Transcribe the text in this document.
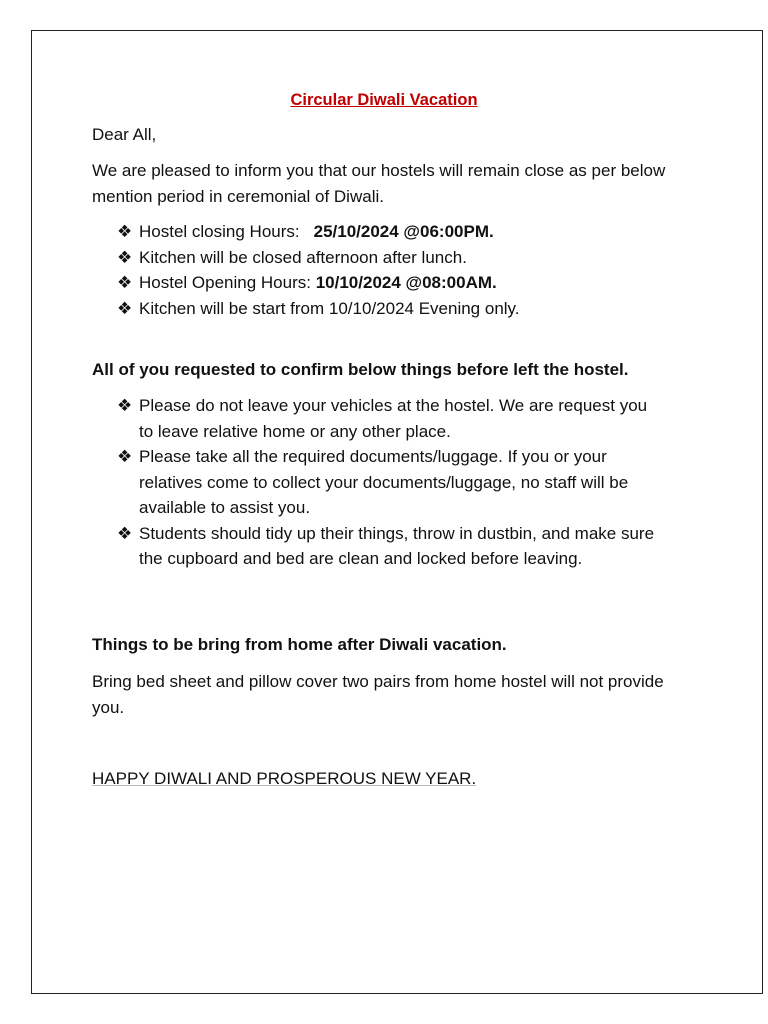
Circular Diwali Vacation

Dear All,

We are pleased to inform you that our hostels will remain close as per below mention period in ceremonial of Diwali.

❖ Hostel closing Hours: 25/10/2024 @06:00PM.
❖ Kitchen will be closed afternoon after lunch.
❖ Hostel Opening Hours: 10/10/2024 @08:00AM.
❖ Kitchen will be start from 10/10/2024 Evening only.

All of you requested to confirm below things before left the hostel.

❖ Please do not leave your vehicles at the hostel. We are request you to leave relative home or any other place.
❖ Please take all the required documents/luggage. If you or your relatives come to collect your documents/luggage, no staff will be available to assist you.
❖ Students should tidy up their things, throw in dustbin, and make sure the cupboard and bed are clean and locked before leaving.

Things to be bring from home after Diwali vacation.

Bring bed sheet and pillow cover two pairs from home hostel will not provide you.

HAPPY DIWALI AND PROSPEROUS NEW YEAR.
